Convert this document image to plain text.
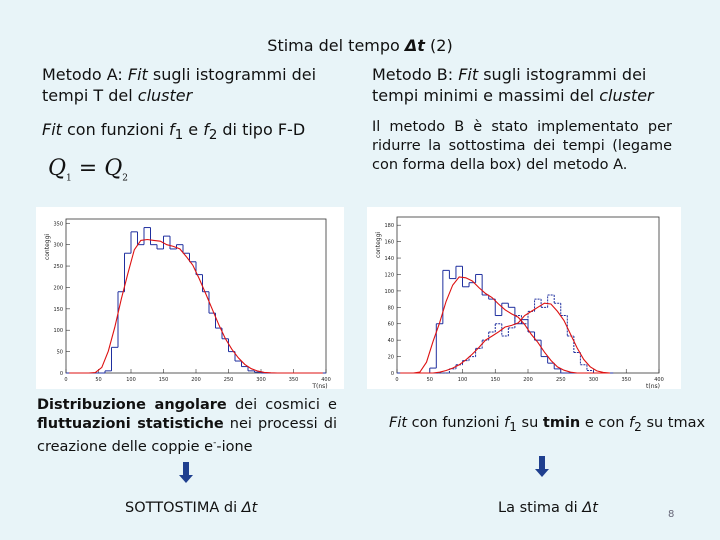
Stima del tempo Δt (2)
Metodo A: Fit sugli istogrammi dei tempi T del cluster
Metodo B: Fit sugli istogrammi dei tempi minimi e massimi del cluster
Fit con funzioni $f_1$ e $f_2$ di tipo F-D
$Q_1 = Q_2$
Il metodo B è stato implementato per ridurre la sottostima dei tempi (legame con forma della box) del metodo A.
0
50
100
150
200
250
300
350
0	50	100	150	200	250	300	350	400
T(ns)
conteggi
0
20
40
60
80
100
120
140
160
180
0	50	100	150	200	250	300	350	400
t(ns)
conteggi
Distribuzione angolare dei cosmici e fluttuazioni statistiche nei processi di creazione delle coppie e--ione
Fit con funzioni $f_1$ su tmin e con $f_2$ su tmax
SOTTOSTIMA di Δt	La stima di Δt	8
